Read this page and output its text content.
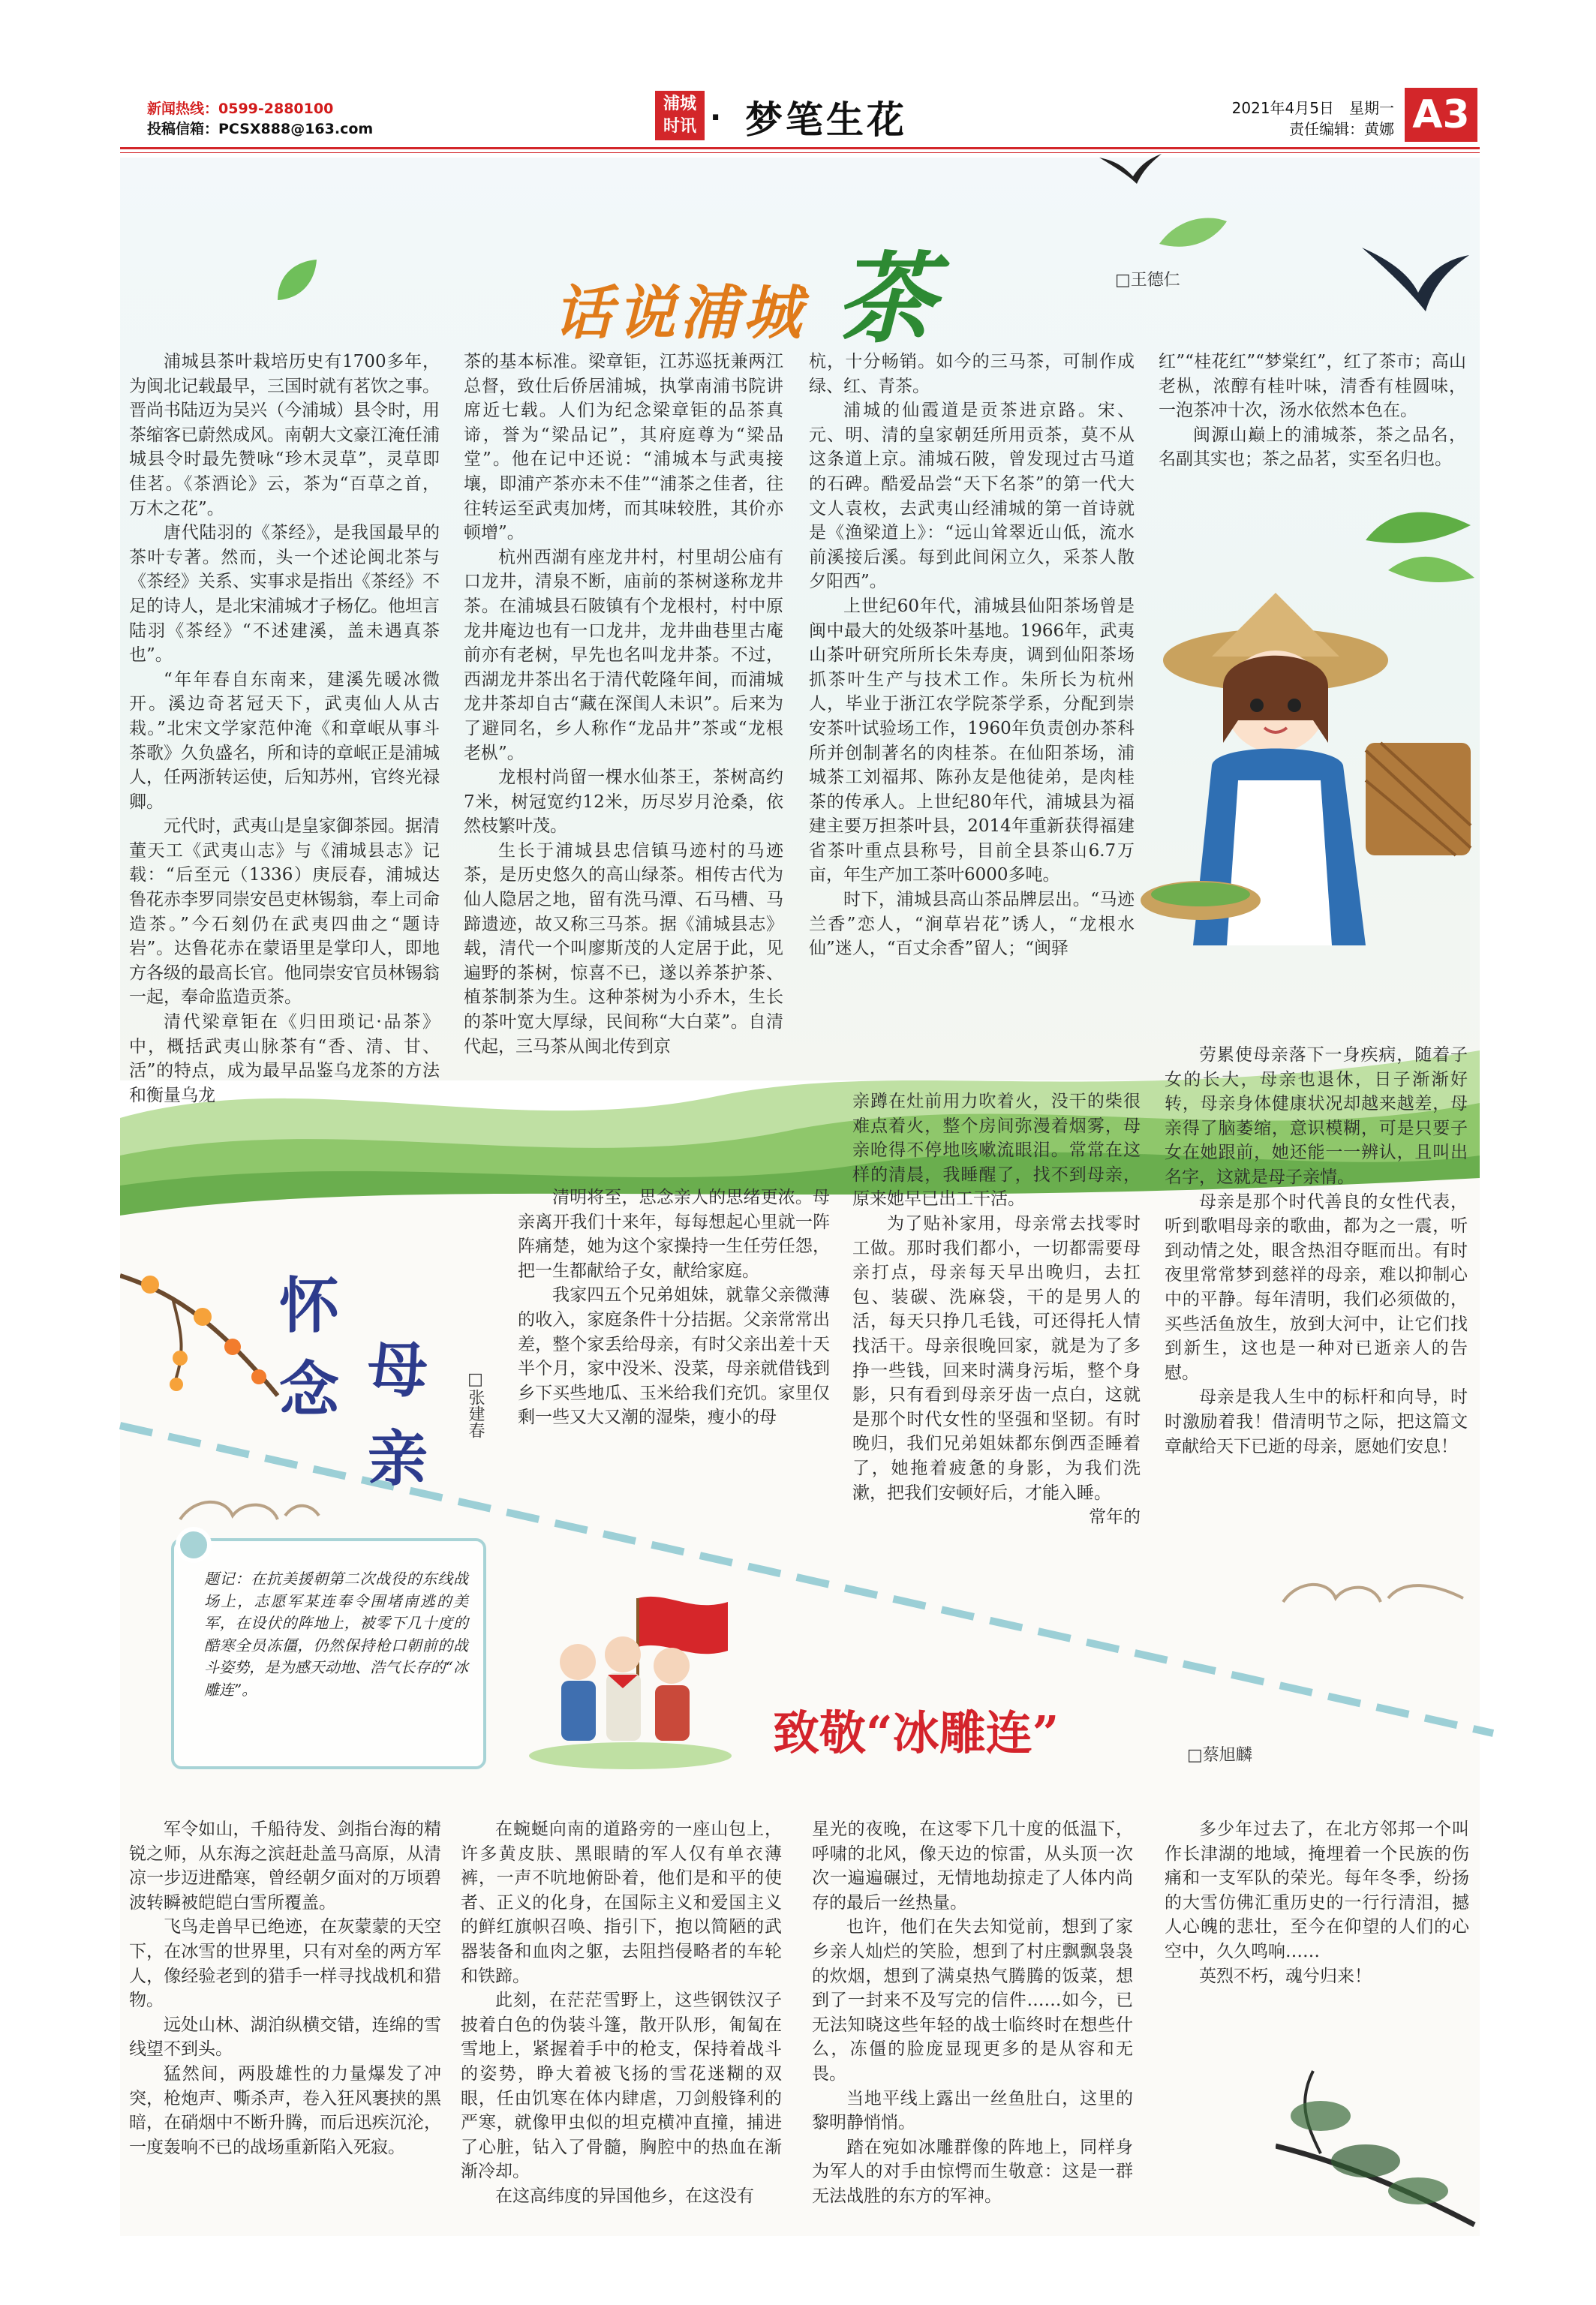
新闻热线：0599-2880100
投稿信箱：PCSX888@163.com
浦城
时讯 · 梦笔生花	2021年4月5日　星期一
责任编辑：黄娜 A3
话说浦城 茶	□王德仁

浦城县茶叶栽培历史有1700多年，为闽北记载最早，三国时就有茗饮之事。晋尚书陆迈为吴兴（今浦城）县令时，用茶缩客已蔚然成风。南朝大文豪江淹任浦城县令时最先赞咏“珍木灵草”，灵草即佳茗。《茶酒论》云，茶为“百草之首，万木之花”。

唐代陆羽的《茶经》，是我国最早的茶叶专著。然而，头一个述论闽北茶与《茶经》关系、实事求是指出《茶经》不足的诗人，是北宋浦城才子杨亿。他坦言陆羽《茶经》“不述建溪，盖未遇真茶也”。

“年年春自东南来，建溪先暖冰微开。溪边奇茗冠天下，武夷仙人从古栽。”北宋文学家范仲淹《和章岷从事斗茶歌》久负盛名，所和诗的章岷正是浦城人，任两浙转运使，后知苏州，官终光禄卿。

元代时，武夷山是皇家御茶园。据清董天工《武夷山志》与《浦城县志》记载：“后至元（1336）庚辰春，浦城达鲁花赤李罗同崇安邑吏林锡翁，奉上司命造茶。”今石刻仍在武夷四曲之“题诗岩”。达鲁花赤在蒙语里是掌印人，即地方各级的最高长官。他同崇安官员林锡翁一起，奉命监造贡茶。

清代梁章钜在《归田琐记·品茶》中，概括武夷山脉茶有“香、清、甘、活”的特点，成为最早品鉴乌龙茶的方法和衡量乌龙

茶的基本标准。梁章钜，江苏巡抚兼两江总督，致仕后侨居浦城，执掌南浦书院讲席近七载。人们为纪念梁章钜的品茶真谛，誉为“梁品记”，其府庭尊为“梁品堂”。他在记中还说：“浦城本与武夷接壤，即浦产茶亦未不佳”“浦茶之佳者，往往转运至武夷加烤，而其味较胜，其价亦顿增”。

杭州西湖有座龙井村，村里胡公庙有口龙井，清泉不断，庙前的茶树遂称龙井茶。在浦城县石陂镇有个龙根村，村中原龙井庵边也有一口龙井，龙井曲巷里古庵前亦有老树，早先也名叫龙井茶。不过，西湖龙井茶出名于清代乾隆年间，而浦城龙井茶却自古“藏在深闺人未识”。后来为了避同名，乡人称作“龙品井”茶或“龙根老枞”。

龙根村尚留一棵水仙茶王，茶树高约7米，树冠宽约12米，历尽岁月沧桑，依然枝繁叶茂。

生长于浦城县忠信镇马迹村的马迹茶，是历史悠久的高山绿茶。相传古代为仙人隐居之地，留有洗马潭、石马槽、马蹄遗迹，故又称三马茶。据《浦城县志》载，清代一个叫廖斯茂的人定居于此，见遍野的茶树，惊喜不已，遂以养茶护茶、植茶制茶为生。这种茶树为小乔木，生长的茶叶宽大厚绿，民间称“大白菜”。自清代起，三马茶从闽北传到京

杭，十分畅销。如今的三马茶，可制作成绿、红、青茶。

浦城的仙霞道是贡茶进京路。宋、元、明、清的皇家朝廷所用贡茶，莫不从这条道上京。浦城石陂，曾发现过古马道的石碑。酷爱品尝“天下名茶”的第一代大文人袁枚，去武夷山经浦城的第一首诗就是《渔梁道上》：“远山耸翠近山低，流水前溪接后溪。每到此间闲立久，采茶人散夕阳西”。

上世纪60年代，浦城县仙阳茶场曾是闽中最大的处级茶叶基地。1966年，武夷山茶叶研究所所长朱寿庚，调到仙阳茶场抓茶叶生产与技术工作。朱所长为杭州人，毕业于浙江农学院茶学系，分配到崇安茶叶试验场工作，1960年负责创办茶科所并创制著名的肉桂茶。在仙阳茶场，浦城茶工刘福邦、陈孙友是他徒弟，是肉桂茶的传承人。上世纪80年代，浦城县为福建主要万担茶叶县，2014年重新获得福建省茶叶重点县称号，目前全县茶山6.7万亩，年生产加工茶叶6000多吨。

时下，浦城县高山茶品牌层出。“马迹兰香”恋人，“涧草岩花”诱人，“龙根水仙”迷人，“百丈余香”留人；“闽驿

红”“桂花红”“梦棠红”，红了茶市；高山老枞，浓醇有桂叶味，清香有桂圆味，一泡茶冲十次，汤水依然本色在。

闽源山巅上的浦城茶，茶之品名，名副其实也；茶之品茗，实至名归也。

怀
念 母
亲
□张建春

清明将至，思念亲人的思绪更浓。母亲离开我们十来年，每每想起心里就一阵阵痛楚，她为这个家操持一生任劳任怨，把一生都献给子女，献给家庭。

我家四五个兄弟姐妹，就靠父亲微薄的收入，家庭条件十分拮据。父亲常常出差，整个家丢给母亲，有时父亲出差十天半个月，家中没米、没菜，母亲就借钱到乡下买些地瓜、玉米给我们充饥。家里仅剩一些又大又潮的湿柴，瘦小的母

亲蹲在灶前用力吹着火，没干的柴很难点着火，整个房间弥漫着烟雾，母亲呛得不停地咳嗽流眼泪。常常在这样的清晨，我睡醒了，找不到母亲，原来她早已出工干活。

为了贴补家用，母亲常去找零时工做。那时我们都小，一切都需要母亲打点，母亲每天早出晚归，去扛包、装碳、洗麻袋，干的是男人的活，每天只挣几毛钱，可还得托人情找活干。母亲很晚回家，就是为了多挣一些钱，回来时满身污垢，整个身影，只有看到母亲牙齿一点白，这就是那个时代女性的坚强和坚韧。有时晚归，我们兄弟姐妹都东倒西歪睡着了，她拖着疲惫的身影，为我们洗漱，把我们安顿好后，才能入睡。

常年的

劳累使母亲落下一身疾病，随着子女的长大，母亲也退休，日子渐渐好转，母亲身体健康状况却越来越差，母亲得了脑萎缩，意识模糊，可是只要子女在她跟前，她还能一一辨认，且叫出名字，这就是母子亲情。

母亲是那个时代善良的女性代表，听到歌唱母亲的歌曲，都为之一震，听到动情之处，眼含热泪夺眶而出。有时夜里常常梦到慈祥的母亲，难以抑制心中的平静。每年清明，我们必须做的，买些活鱼放生，放到大河中，让它们找到新生，这也是一种对已逝亲人的告慰。

母亲是我人生中的标杆和向导，时时激励着我！借清明节之际，把这篇文章献给天下已逝的母亲，愿她们安息！

题记：在抗美援朝第二次战役的东线战场上，志愿军某连奉令围堵南逃的美军，在设伏的阵地上，被零下几十度的酷寒全员冻僵，仍然保持枪口朝前的战斗姿势，是为感天动地、浩气长存的“冰雕连”。
致敬“冰雕连”	□蔡旭麟

军令如山，千船待发、剑指台海的精锐之师，从东海之滨赶赴盖马高原，从清凉一步迈进酷寒，曾经朝夕面对的万顷碧波转瞬被皑皑白雪所覆盖。

飞鸟走兽早已绝迹，在灰蒙蒙的天空下，在冰雪的世界里，只有对垒的两方军人，像经验老到的猎手一样寻找战机和猎物。

远处山林、湖泊纵横交错，连绵的雪线望不到头。

猛然间，两股雄性的力量爆发了冲突，枪炮声、嘶杀声，卷入狂风裹挟的黑暗，在硝烟中不断升腾，而后迅疾沉沦，一度轰响不已的战场重新陷入死寂。

在蜿蜒向南的道路旁的一座山包上，许多黄皮肤、黑眼睛的军人仅有单衣薄裤，一声不吭地俯卧着，他们是和平的使者、正义的化身，在国际主义和爱国主义的鲜红旗帜召唤、指引下，抱以简陋的武器装备和血肉之躯，去阻挡侵略者的车轮和铁蹄。

此刻，在茫茫雪野上，这些钢铁汉子披着白色的伪装斗篷，散开队形，匍匐在雪地上，紧握着手中的枪支，保持着战斗的姿势，睁大着被飞扬的雪花迷糊的双眼，任由饥寒在体内肆虐，刀剑般锋利的严寒，就像甲虫似的坦克横冲直撞，捕进了心脏，钻入了骨髓，胸腔中的热血在渐渐冷却。

在这高纬度的异国他乡，在这没有

星光的夜晚，在这零下几十度的低温下，呼啸的北风，像天边的惊雷，从头顶一次次一遍遍碾过，无情地劫掠走了人体内尚存的最后一丝热量。

也许，他们在失去知觉前，想到了家乡亲人灿烂的笑脸，想到了村庄飘飘袅袅的炊烟，想到了满桌热气腾腾的饭菜，想到了一封来不及写完的信件……如今，已无法知晓这些年轻的战士临终时在想些什么，冻僵的脸庞显现更多的是从容和无畏。

当地平线上露出一丝鱼肚白，这里的黎明静悄悄。

踏在宛如冰雕群像的阵地上，同样身为军人的对手由惊愕而生敬意：这是一群无法战胜的东方的军神。

多少年过去了，在北方邻邦一个叫作长津湖的地域，掩埋着一个民族的伤痛和一支军队的荣光。每年冬季，纷扬的大雪仿佛汇重历史的一行行清泪，撼人心魄的悲壮，至今在仰望的人们的心空中，久久鸣响……

英烈不朽，魂兮归来！
